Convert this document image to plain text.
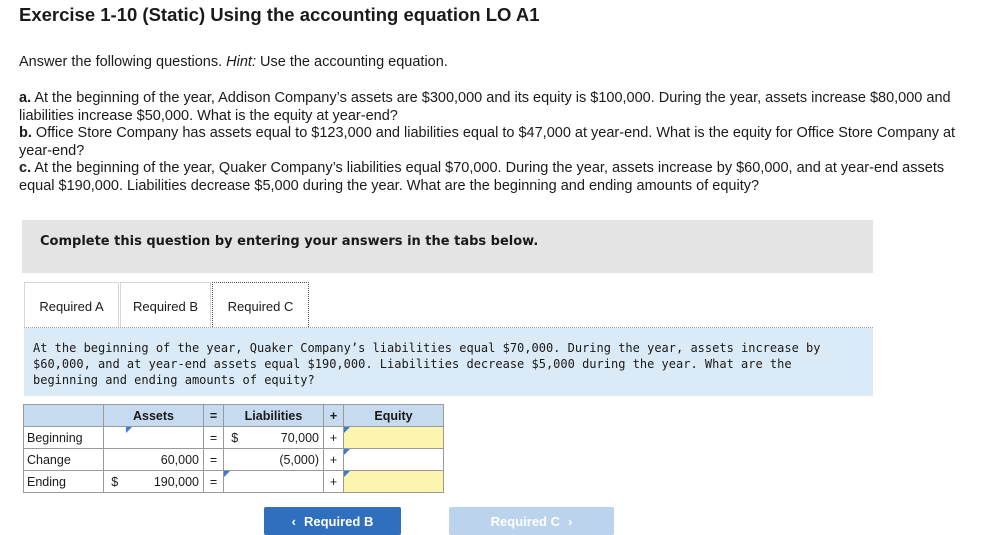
Exercise 1-10 (Static) Using the accounting equation LO A1
Answer the following questions. Hint: Use the accounting equation.
a. At the beginning of the year, Addison Company’s assets are $300,000 and its equity is $100,000. During the year, assets increase $80,000 and liabilities increase $50,000. What is the equity at year-end?
b. Office Store Company has assets equal to $123,000 and liabilities equal to $47,000 at year-end. What is the equity for Office Store Company at year-end?
c. At the beginning of the year, Quaker Company’s liabilities equal $70,000. During the year, assets increase by $60,000, and at year-end assets equal $190,000. Liabilities decrease $5,000 during the year. What are the beginning and ending amounts of equity?
Complete this question by entering your answers in the tabs below.
Required A	Required B	Required C
At the beginning of the year, Quaker Company’s liabilities equal $70,000. During the year, assets increase by $60,000, and at year-end assets equal $190,000. Liabilities decrease $5,000 during the year. What are the beginning and ending amounts of equity?
	Assets		=	Liabilities		+	Equity	
Beginning			=	$	70,000	+		

Change		60,000	=		(5,000)	+		

Ending	$	190,000	=			+		
‹ Required B	Required C ›
